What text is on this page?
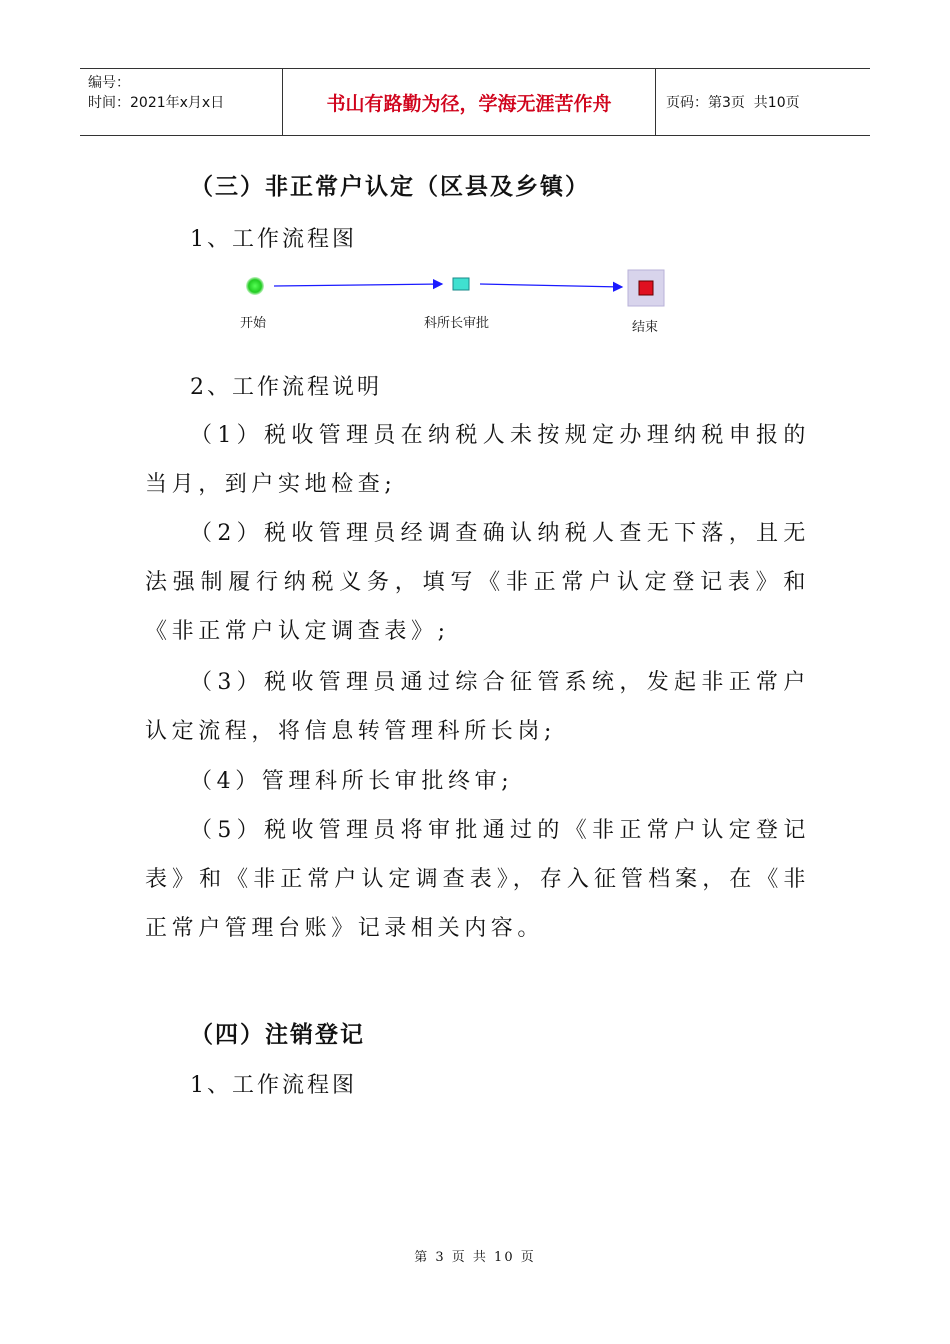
编号：
时间：2021年x月x日	书山有路勤为径，学海无涯苦作舟	页码：第3页  共10页
（三）非正常户认定（区县及乡镇）
1、工作流程图
开始	科所长审批	结束
2、工作流程说明
（1）税收管理员在纳税人未按规定办理纳税申报的当月，到户实地检查;
（2）税收管理员经调查确认纳税人查无下落，且无法强制履行纳税义务，填写《非正常户认定登记表》和《非正常户认定调查表》;
（3）税收管理员通过综合征管系统，发起非正常户认定流程，将信息转管理科所长岗;
（4）管理科所长审批终审;
（5）税收管理员将审批通过的《非正常户认定登记表》和《非正常户认定调查表》，存入征管档案，在《非正常户管理台账》记录相关内容。
（四）注销登记
1、工作流程图
第 3 页 共 10 页
